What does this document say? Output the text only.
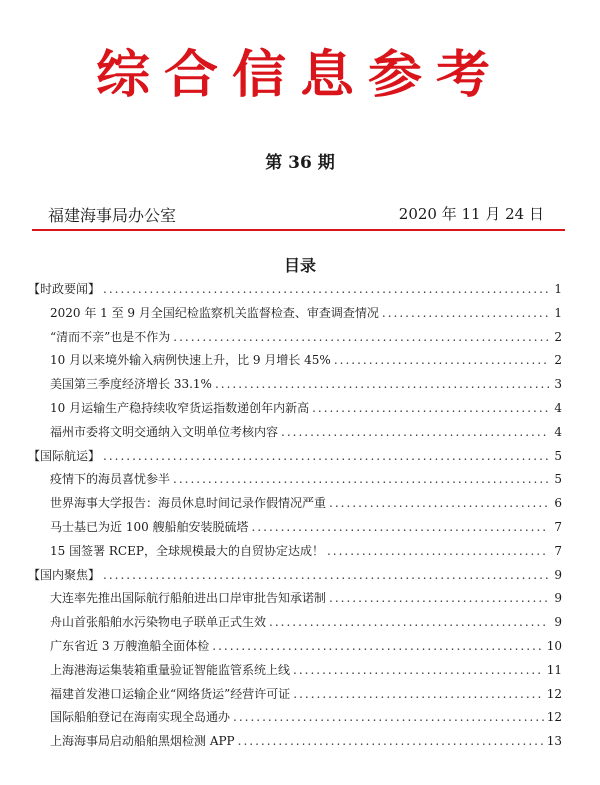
综合信息参考
第 36 期
福建海事局办公室	2020 年 11 月 24 日
目录
【时政要闻】 .....	1
2020 年 1 至 9 月全国纪检监察机关监督检查、审查调查情况 .....	1
“清而不亲”也是不作为 .....	2
10 月以来境外输入病例快速上升，比 9 月增长 45% .....	2
美国第三季度经济增长 33.1% .....	3
10 月运输生产稳持续收窄货运指数递创年内新高 .....	4
福州市委将文明交通纳入文明单位考核内容 .....	4
【国际航运】 .....	5
疫情下的海员喜忧参半 .....	5
世界海事大学报告：海员休息时间记录作假情况严重 .....	6
马士基已为近 100 艘船舶安装脱硫塔 .....	7
15 国签署 RCEP，全球规模最大的自贸协定达成！ .....	7
【国内聚焦】 .....	9
大连率先推出国际航行船舶进出口岸审批告知承诺制 .....	9
舟山首张船舶水污染物电子联单正式生效 .....	9
广东省近 3 万艘渔船全面体检 .....	10
上海港海运集装箱重量验证智能监管系统上线 .....	11
福建首发港口运输企业“网络货运”经营许可证 .....	12
国际船舶登记在海南实现全岛通办 .....	12
上海海事局启动船舶黑烟检测 APP .....	13
